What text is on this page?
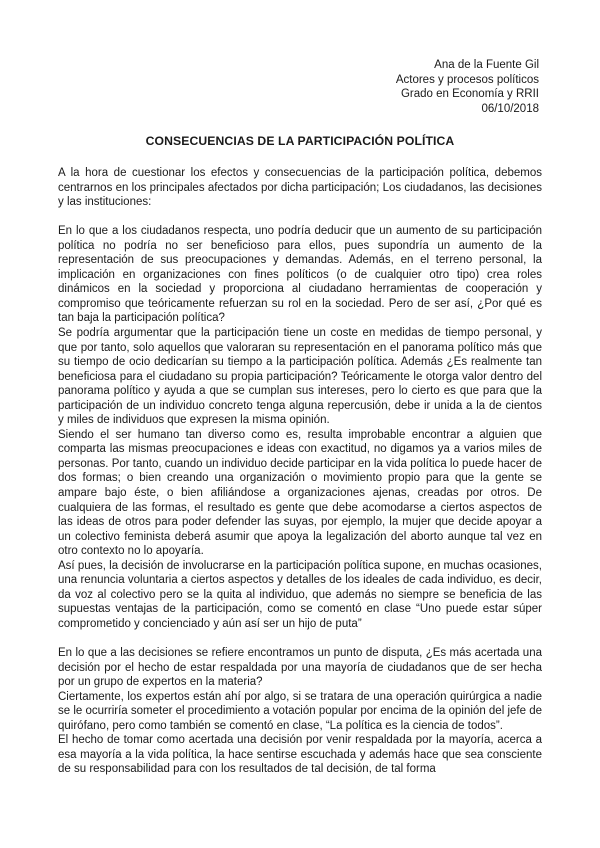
Ana de la Fuente Gil
Actores y procesos políticos
Grado en Economía y RRII
06/10/2018
CONSECUENCIAS DE LA PARTICIPACIÓN POLÍTICA

A la hora de cuestionar los efectos y consecuencias de la participación política, debemos centrarnos en los principales afectados por dicha participación; Los ciudadanos, las decisiones y las instituciones:

En lo que a los ciudadanos respecta, uno podría deducir que un aumento de su participación política no podría no ser beneficioso para ellos, pues supondría un aumento de la representación de sus preocupaciones y demandas. Además, en el terreno personal, la implicación en organizaciones con fines políticos (o de cualquier otro tipo) crea roles dinámicos en la sociedad y proporciona al ciudadano herramientas de cooperación y compromiso que teóricamente refuerzan su rol en la sociedad. Pero de ser así, ¿Por qué es tan baja la participación política?

Se podría argumentar que la participación tiene un coste en medidas de tiempo personal, y que por tanto, solo aquellos que valoraran su representación en el panorama político más que su tiempo de ocio dedicarían su tiempo a la participación política. Además ¿Es realmente tan beneficiosa para el ciudadano su propia participación? Teóricamente le otorga valor dentro del panorama político y ayuda a que se cumplan sus intereses, pero lo cierto es que para que la participación de un individuo concreto tenga alguna repercusión, debe ir unida a la de cientos y miles de individuos que expresen la misma opinión.

Siendo el ser humano tan diverso como es, resulta improbable encontrar a alguien que comparta las mismas preocupaciones e ideas con exactitud, no digamos ya a varios miles de personas. Por tanto, cuando un individuo decide participar en la vida política lo puede hacer de dos formas; o bien creando una organización o movimiento propio para que la gente se ampare bajo éste, o bien afiliándose a organizaciones ajenas, creadas por otros. De cualquiera de las formas, el resultado es gente que debe acomodarse a ciertos aspectos de las ideas de otros para poder defender las suyas, por ejemplo, la mujer que decide apoyar a un colectivo feminista deberá asumir que apoya la legalización del aborto aunque tal vez en otro contexto no lo apoyaría.

Así pues, la decisión de involucrarse en la participación política supone, en muchas ocasiones, una renuncia voluntaria a ciertos aspectos y detalles de los ideales de cada individuo, es decir, da voz al colectivo pero se la quita al individuo, que además no siempre se beneficia de las supuestas ventajas de la participación, como se comentó en clase “Uno puede estar súper comprometido y concienciado y aún así ser un hijo de puta”

En lo que a las decisiones se refiere encontramos un punto de disputa, ¿Es más acertada una decisión por el hecho de estar respaldada por una mayoría de ciudadanos que de ser hecha por un grupo de expertos en la materia?

Ciertamente, los expertos están ahí por algo, si se tratara de una operación quirúrgica a nadie se le ocurriría someter el procedimiento a votación popular por encima de la opinión del jefe de quirófano, pero como también se comentó en clase, “La política es la ciencia de todos”.

El hecho de tomar como acertada una decisión por venir respaldada por la mayoría, acerca a esa mayoría a la vida política, la hace sentirse escuchada y además hace que sea consciente de su responsabilidad para con los resultados de tal decisión, de tal forma
